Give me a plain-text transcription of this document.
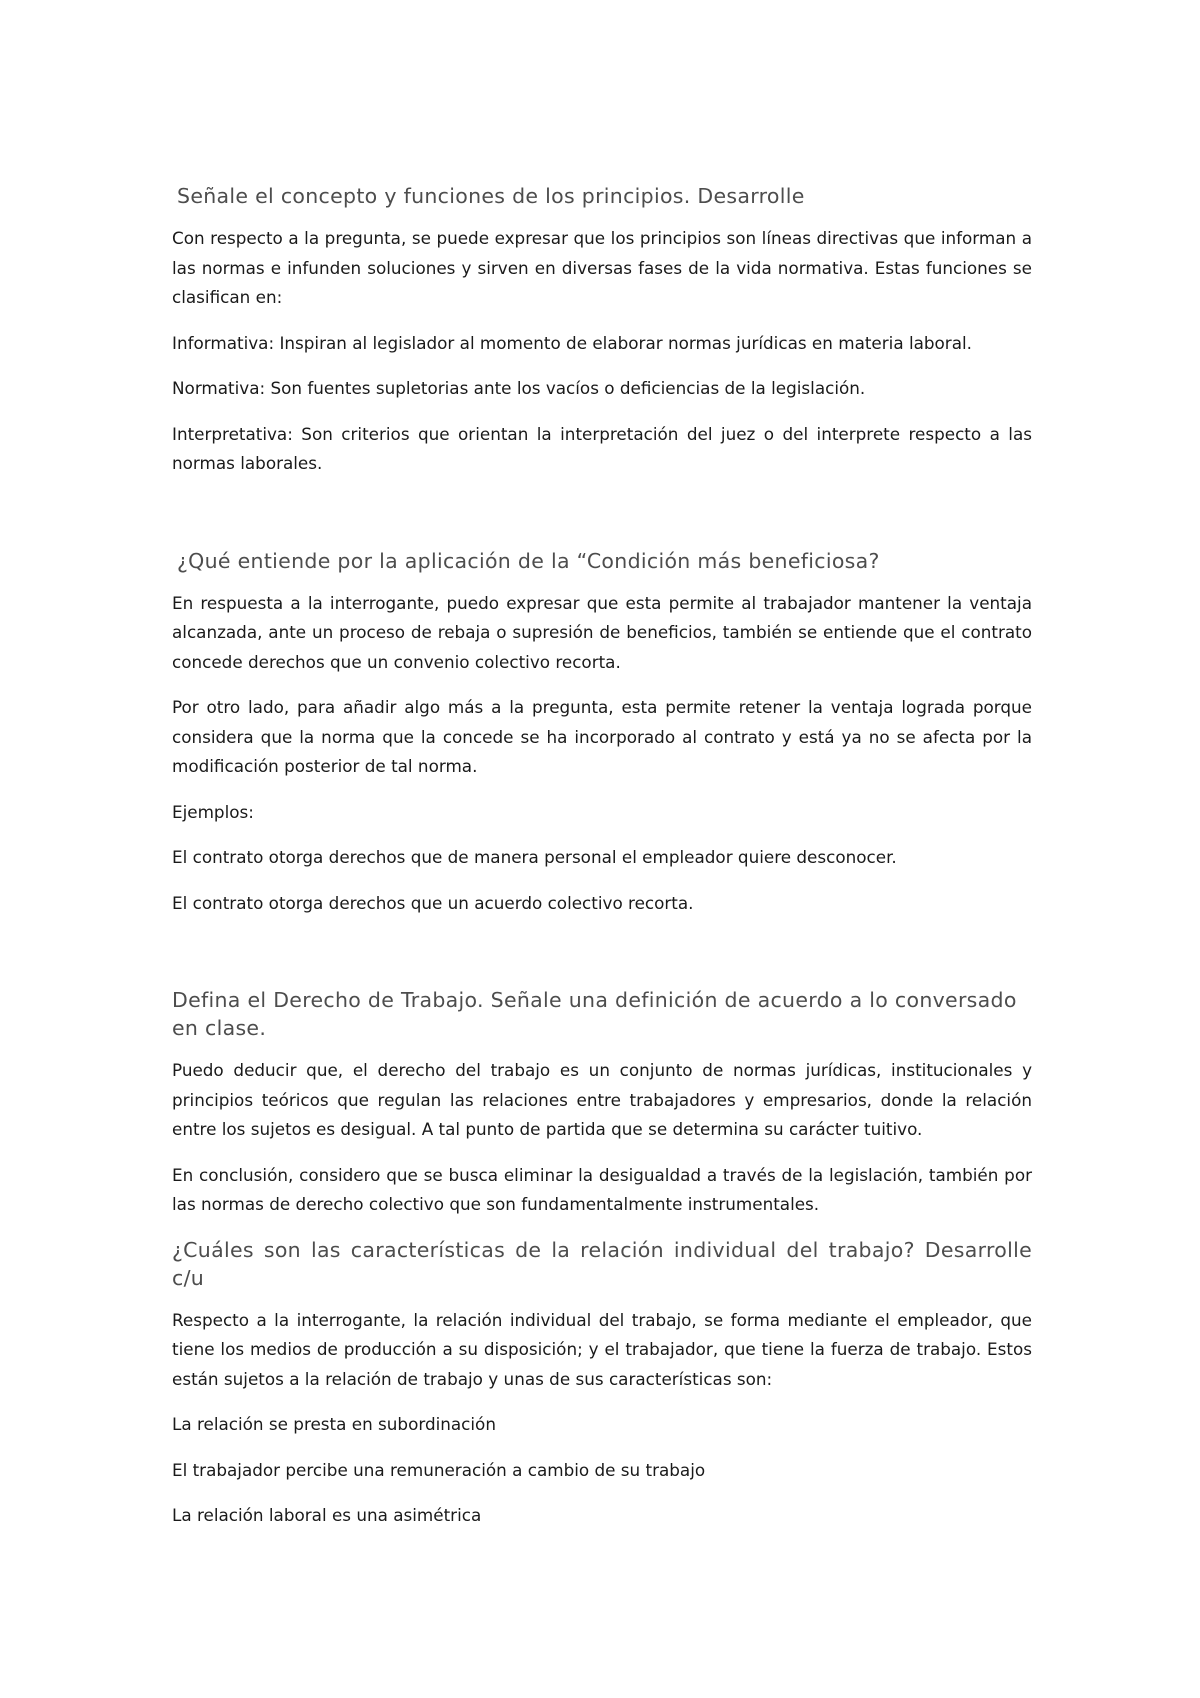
Señale el concepto y funciones de los principios. Desarrolle

Con respecto a la pregunta, se puede expresar que los principios son líneas directivas que informan a las normas e infunden soluciones y sirven en diversas fases de la vida normativa. Estas funciones se clasifican en:

Informativa: Inspiran al legislador al momento de elaborar normas jurídicas en materia laboral.

Normativa: Son fuentes supletorias ante los vacíos o deficiencias de la legislación.

Interpretativa: Son criterios que orientan la interpretación del juez o del interprete respecto a las normas laborales.

¿Qué entiende por la aplicación de la “Condición más beneficiosa?

En respuesta a la interrogante, puedo expresar que esta permite al trabajador mantener la ventaja alcanzada, ante un proceso de rebaja o supresión de beneficios, también se entiende que el contrato concede derechos que un convenio colectivo recorta.

Por otro lado, para añadir algo más a la pregunta, esta permite retener la ventaja lograda porque considera que la norma que la concede se ha incorporado al contrato y está ya no se afecta por la modificación posterior de tal norma.

Ejemplos:

El contrato otorga derechos que de manera personal el empleador quiere desconocer.

El contrato otorga derechos que un acuerdo colectivo recorta.

Defina el Derecho de Trabajo. Señale una definición de acuerdo a lo conversado en clase.

Puedo deducir que, el derecho del trabajo es un conjunto de normas jurídicas, institucionales y principios teóricos que regulan las relaciones entre trabajadores y empresarios, donde la relación entre los sujetos es desigual. A tal punto de partida que se determina su carácter tuitivo.

En conclusión, considero que se busca eliminar la desigualdad a través de la legislación, también por las normas de derecho colectivo que son fundamentalmente instrumentales.

¿Cuáles son las características de la relación individual del trabajo? Desarrolle c/u

Respecto a la interrogante, la relación individual del trabajo, se forma mediante el empleador, que tiene los medios de producción a su disposición; y el trabajador, que tiene la fuerza de trabajo. Estos están sujetos a la relación de trabajo y unas de sus características son:

La relación se presta en subordinación

El trabajador percibe una remuneración a cambio de su trabajo

La relación laboral es una asimétrica
